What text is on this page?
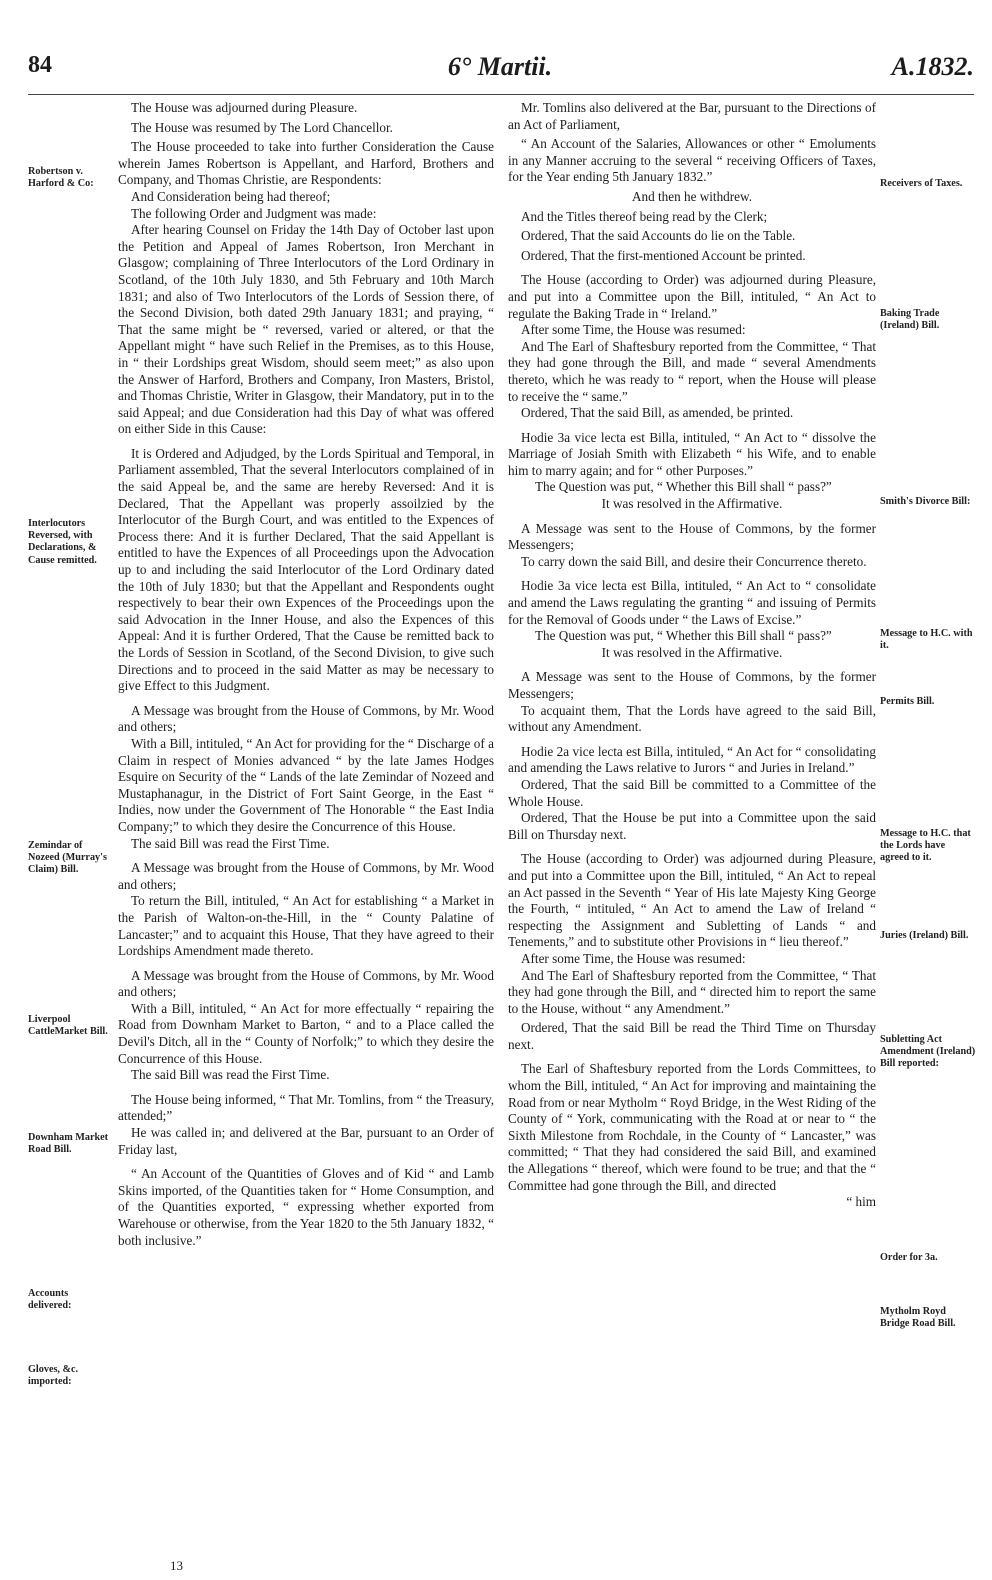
84	6° Martii.	A.1832.

The House was adjourned during Pleasure.

The House was resumed by The Lord Chancellor.

The House proceeded to take into further Consideration the Cause wherein James Robertson is Appellant, and Harford, Brothers and Company, and Thomas Christie, are Respondents:

And Consideration being had thereof;

The following Order and Judgment was made:

After hearing Counsel on Friday the 14th Day of October last upon the Petition and Appeal of James Robertson, Iron Merchant in Glasgow; complaining of Three Interlocutors of the Lord Ordinary in Scotland, of the 10th July 1830, and 5th February and 10th March 1831; and also of Two Interlocutors of the Lords of Session there, of the Second Division, both dated 29th January 1831; and praying, “ That the same might be “ reversed, varied or altered, or that the Appellant might “ have such Relief in the Premises, as to this House, in “ their Lordships great Wisdom, should seem meet;” as also upon the Answer of Harford, Brothers and Company, Iron Masters, Bristol, and Thomas Christie, Writer in Glasgow, their Mandatory, put in to the said Appeal; and due Consideration had this Day of what was offered on either Side in this Cause:

It is Ordered and Adjudged, by the Lords Spiritual and Temporal, in Parliament assembled, That the several Interlocutors complained of in the said Appeal be, and the same are hereby Reversed: And it is Declared, That the Appellant was properly assoilzied by the Interlocutor of the Burgh Court, and was entitled to the Expences of Process there: And it is further Declared, That the said Appellant is entitled to have the Expences of all Proceedings upon the Advocation up to and including the said Interlocutor of the Lord Ordinary dated the 10th of July 1830; but that the Appellant and Respondents ought respectively to bear their own Expences of the Proceedings upon the said Advocation in the Inner House, and also the Expences of this Appeal: And it is further Ordered, That the Cause be remitted back to the Lords of Session in Scotland, of the Second Division, to give such Directions and to proceed in the said Matter as may be necessary to give Effect to this Judgment.

A Message was brought from the House of Commons, by Mr. Wood and others;

With a Bill, intituled, “ An Act for providing for the “ Discharge of a Claim in respect of Monies advanced “ by the late James Hodges Esquire on Security of the “ Lands of the late Zemindar of Nozeed and Mustaphanagur, in the District of Fort Saint George, in the East “ Indies, now under the Government of The Honorable “ the East India Company;” to which they desire the Concurrence of this House.

The said Bill was read the First Time.

A Message was brought from the House of Commons, by Mr. Wood and others;

To return the Bill, intituled, “ An Act for establishing “ a Market in the Parish of Walton-on-the-Hill, in the “ County Palatine of Lancaster;” and to acquaint this House, That they have agreed to their Lordships Amendment made thereto.

A Message was brought from the House of Commons, by Mr. Wood and others;

With a Bill, intituled, “ An Act for more effectually “ repairing the Road from Downham Market to Barton, “ and to a Place called the Devil's Ditch, all in the “ County of Norfolk;” to which they desire the Concurrence of this House.

The said Bill was read the First Time.

The House being informed, “ That Mr. Tomlins, from “ the Treasury, attended;”

He was called in; and delivered at the Bar, pursuant to an Order of Friday last,

“ An Account of the Quantities of Gloves and of Kid “ and Lamb Skins imported, of the Quantities taken for “ Home Consumption, and of the Quantities exported, “ expressing whether exported from Warehouse or otherwise, from the Year 1820 to the 5th January 1832, “ both inclusive.”

Mr. Tomlins also delivered at the Bar, pursuant to the Directions of an Act of Parliament,

“ An Account of the Salaries, Allowances or other “ Emoluments in any Manner accruing to the several “ receiving Officers of Taxes, for the Year ending 5th January 1832.”

And then he withdrew.

And the Titles thereof being read by the Clerk;

Ordered, That the said Accounts do lie on the Table.

Ordered, That the first-mentioned Account be printed.

The House (according to Order) was adjourned during Pleasure, and put into a Committee upon the Bill, intituled, “ An Act to regulate the Baking Trade in “ Ireland.”

After some Time, the House was resumed:

And The Earl of Shaftesbury reported from the Committee, “ That they had gone through the Bill, and made “ several Amendments thereto, which he was ready to “ report, when the House will please to receive the “ same.”

Ordered, That the said Bill, as amended, be printed.

Hodie 3a vice lecta est Billa, intituled, “ An Act to “ dissolve the Marriage of Josiah Smith with Elizabeth “ his Wife, and to enable him to marry again; and for “ other Purposes.”

The Question was put, “ Whether this Bill shall “ pass?”

It was resolved in the Affirmative.

A Message was sent to the House of Commons, by the former Messengers;

To carry down the said Bill, and desire their Concurrence thereto.

Hodie 3a vice lecta est Billa, intituled, “ An Act to “ consolidate and amend the Laws regulating the granting “ and issuing of Permits for the Removal of Goods under “ the Laws of Excise.”

The Question was put, “ Whether this Bill shall “ pass?”

It was resolved in the Affirmative.

A Message was sent to the House of Commons, by the former Messengers;

To acquaint them, That the Lords have agreed to the said Bill, without any Amendment.

Hodie 2a vice lecta est Billa, intituled, “ An Act for “ consolidating and amending the Laws relative to Jurors “ and Juries in Ireland.”

Ordered, That the said Bill be committed to a Committee of the Whole House.

Ordered, That the House be put into a Committee upon the said Bill on Thursday next.

The House (according to Order) was adjourned during Pleasure, and put into a Committee upon the Bill, intituled, “ An Act to repeal an Act passed in the Seventh “ Year of His late Majesty King George the Fourth, “ intituled, “ An Act to amend the Law of Ireland “ respecting the Assignment and Subletting of Lands “ and Tenements,” and to substitute other Provisions in “ lieu thereof.”

After some Time, the House was resumed:

And The Earl of Shaftesbury reported from the Committee, “ That they had gone through the Bill, and “ directed him to report the same to the House, without “ any Amendment.”

Ordered, That the said Bill be read the Third Time on Thursday next.

The Earl of Shaftesbury reported from the Lords Committees, to whom the Bill, intituled, “ An Act for improving and maintaining the Road from or near Mytholm “ Royd Bridge, in the West Riding of the County of “ York, communicating with the Road at or near to “ the Sixth Milestone from Rochdale, in the County of “ Lancaster,” was committed; “ That they had considered the said Bill, and examined the Allegations “ thereof, which were found to be true; and that the “ Committee had gone through the Bill, and directed

“ him

Robertson v. Harford & Co:
Interlocutors Reversed, with Declarations, & Cause remitted.
Zemindar of Nozeed (Murray's Claim) Bill.
Liverpool CattleMarket Bill.
Downham Market Road Bill.
Accounts delivered:
Gloves, &c. imported:
Receivers of Taxes.
Baking Trade (Ireland) Bill.
Smith's Divorce Bill:
Message to H.C. with it.
Permits Bill.
Message to H.C. that the Lords have agreed to it.
Juries (Ireland) Bill.
Subletting Act Amendment (Ireland) Bill reported:
Order for 3a.
Mytholm Royd Bridge Road Bill.
13
